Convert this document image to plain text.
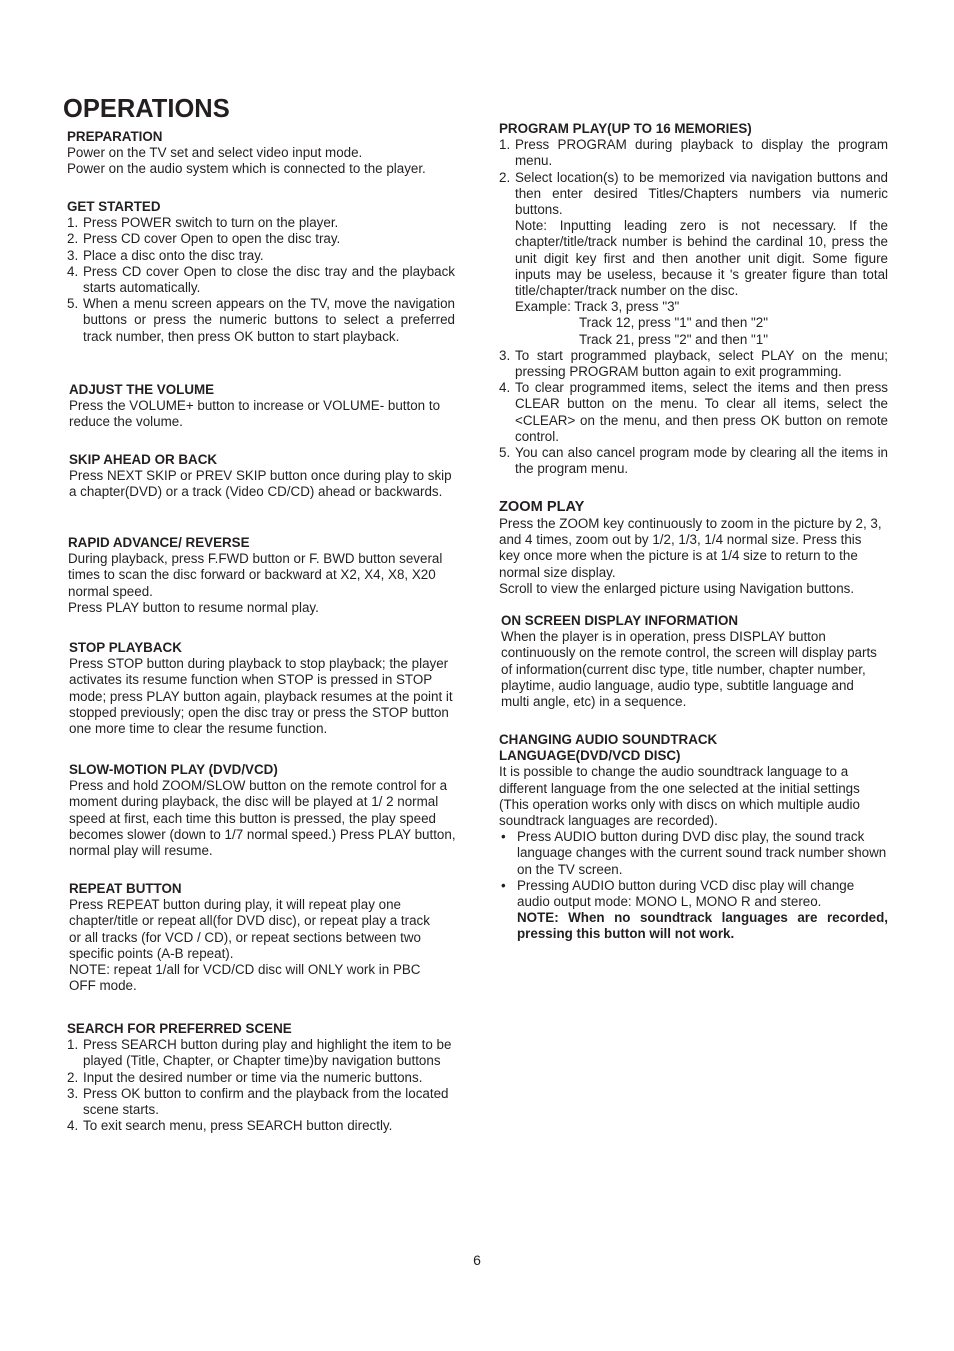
OPERATIONS
PREPARATION
Power on the TV set and select video input mode.
Power on the audio system which is connected to the player.
GET STARTED
1. Press POWER switch to turn on the player.
2. Press CD cover Open to open the disc tray.
3. Place a disc onto the disc tray.
4. Press CD cover Open to close the disc tray and the playback starts automatically.
5. When a menu screen appears on the TV, move the navigation buttons or press the numeric buttons to select a preferred track number, then press OK button to start playback.
ADJUST THE VOLUME
Press the VOLUME+ button to increase or VOLUME- button to reduce the volume.
SKIP AHEAD OR BACK
Press NEXT SKIP or PREV SKIP button once during play to skip a chapter(DVD) or a track (Video CD/CD) ahead or backwards.
RAPID ADVANCE/ REVERSE
During playback, press F.FWD button or F. BWD button several times to scan the disc forward or backward at X2, X4, X8, X20 normal speed.
Press PLAY button to resume normal play.
STOP PLAYBACK
Press STOP button during playback to stop playback; the player activates its resume function when STOP is pressed in STOP mode; press PLAY button again, playback resumes at the point it stopped previously; open the disc tray or press the STOP button one more time to clear the resume function.
SLOW-MOTION PLAY (DVD/VCD)
Press and hold ZOOM/SLOW button on the remote control for a moment during playback, the disc will be played at 1/ 2 normal speed at first, each time this button is pressed, the play speed becomes slower (down to 1/7 normal speed.) Press PLAY button, normal play will resume.
REPEAT BUTTON
Press REPEAT button during play, it will repeat play one chapter/title or repeat all(for DVD disc), or repeat play a track or all tracks (for VCD / CD), or repeat sections between two specific points (A-B repeat).
NOTE: repeat 1/all for VCD/CD disc will ONLY work in PBC OFF mode.
SEARCH FOR PREFERRED SCENE
1. Press SEARCH button during play and highlight the item to be played (Title, Chapter, or Chapter time)by navigation buttons
2. Input the desired number or time via the numeric buttons.
3. Press OK button to confirm and the playback from the located scene starts.
4. To exit search menu, press SEARCH button directly.
PROGRAM PLAY(UP TO 16 MEMORIES)
1. Press PROGRAM during playback to display the program menu.
2. Select location(s) to be memorized via navigation buttons and then enter desired Titles/Chapters numbers via numeric buttons.
Note: Inputting leading zero is not necessary. If the chapter/title/track number is behind the cardinal 10, press the unit digit key first and then another unit digit. Some figure inputs may be useless, because it 's greater figure than total title/chapter/track number on the disc.
Example: Track 3, press "3"
Track 12, press "1" and then "2"
Track 21, press "2" and then "1"
3. To start programmed playback, select PLAY on the menu; pressing PROGRAM button again to exit programming.
4. To clear programmed items, select the items and then press CLEAR button on the menu. To clear all items, select the <CLEAR> on the menu, and then press OK button on remote control.
5. You can also cancel program mode by clearing all the items in the program menu.
ZOOM PLAY
Press the ZOOM key continuously to zoom in the picture by 2, 3, and 4 times, zoom out by 1/2, 1/3, 1/4 normal size. Press this key once more when the picture is at 1/4 size to return to the normal size display.
Scroll to view the enlarged picture using Navigation buttons.
ON SCREEN DISPLAY INFORMATION
When the player is in operation, press DISPLAY button continuously on the remote control, the screen will display parts of information(current disc type, title number, chapter number, playtime, audio language, audio type, subtitle language and multi angle, etc) in a sequence.
CHANGING AUDIO SOUNDTRACK
LANGUAGE(DVD/VCD DISC)
It is possible to change the audio soundtrack language to a different language from the one selected at the initial settings (This operation works only with discs on which multiple audio soundtrack languages are recorded).
• Press AUDIO button during DVD disc play, the sound track language changes with the current sound track number shown on the TV screen.
• Pressing AUDIO button during VCD disc play will change audio output mode: MONO L, MONO R and stereo.
NOTE: When no soundtrack languages are recorded, pressing this button will not work.
6
